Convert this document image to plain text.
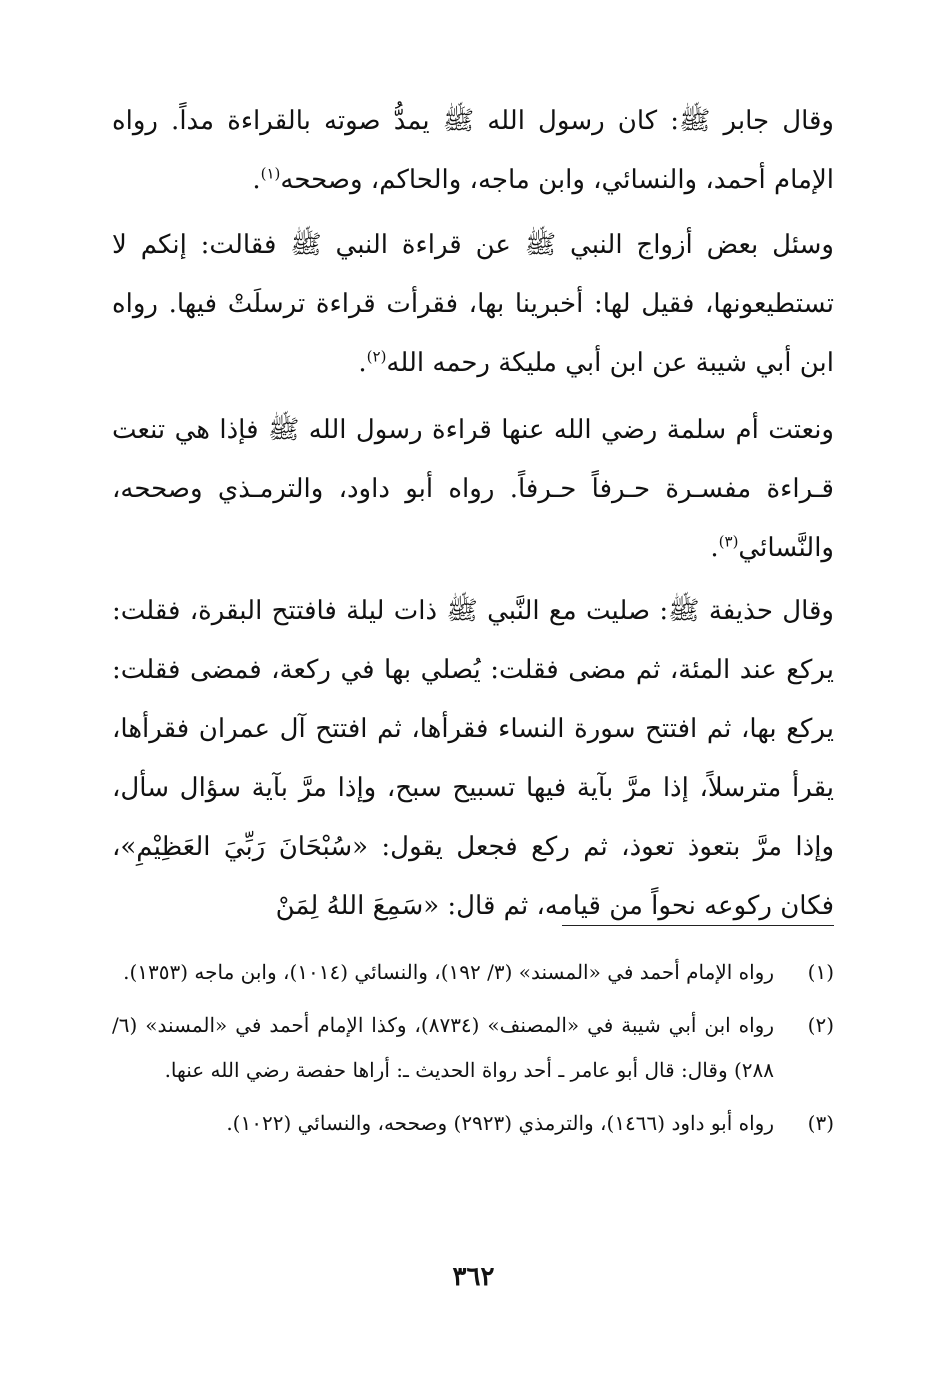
وقال جابر ﷺ: كان رسول الله ﷺ يمدُّ صوته بالقراءة مداً. رواه الإمام أحمد، والنسائي، وابن ماجه، والحاكم، وصححه$^{(١)}$.

وسئل بعض أزواج النبي ﷺ عن قراءة النبي ﷺ فقالت: إنكم لا تستطيعونها، فقيل لها: أخبرينا بها، فقرأت قراءة ترسلَتْ فيها. رواه ابن أبي شيبة عن ابن أبي مليكة رحمه الله$^{(٢)}$.

ونعتت أم سلمة رضي الله عنها قراءة رسول الله ﷺ فإذا هي تنعت قـراءة مفسـرة حـرفاً حـرفاً. رواه أبو داود، والترمـذي وصححه، والنَّسائي$^{(٣)}$.

وقال حذيفة ﷺ: صليت مع النَّبي ﷺ ذات ليلة فافتتح البقرة، فقلت: يركع عند المئة، ثم مضى فقلت: يُصلي بها في ركعة، فمضى فقلت: يركع بها، ثم افتتح سورة النساء فقرأها، ثم افتتح آل عمران فقرأها، يقرأ مترسلاً، إذا مرَّ بآية فيها تسبيح سبح، وإذا مرَّ بآية سؤال سأل، وإذا مرَّ بتعوذ تعوذ، ثم ركع فجعل يقول: «سُبْحَانَ رَبِّيَ العَظِيْمِ»، فكان ركوعه نحواً من قيامه، ثم قال: «سَمِعَ اللهُ لِمَنْ

(١)
رواه الإمام أحمد في «المسند» (٣/ ١٩٢)، والنسائي (١٠١٤)، وابن ماجه (١٣٥٣).
(٢)
رواه ابن أبي شيبة في «المصنف» (٨٧٣٤)، وكذا الإمام أحمد في «المسند» (٦/ ٢٨٨) وقال: قال أبو عامر ـ أحد رواة الحديث ـ: أراها حفصة رضي الله عنها.
(٣)
رواه أبو داود (١٤٦٦)، والترمذي (٢٩٢٣) وصححه، والنسائي (١٠٢٢).
٣٦٢
